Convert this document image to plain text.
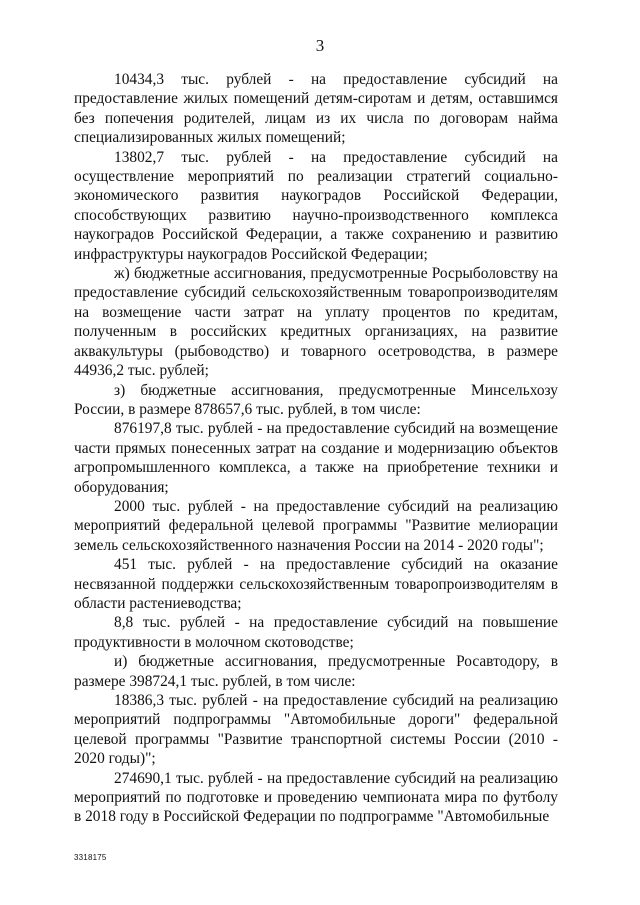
3

10434,3 тыс. рублей - на предоставление субсидий на предоставление жилых помещений детям-сиротам и детям, оставшимся без попечения родителей, лицам из их числа по договорам найма специализированных жилых помещений;

13802,7 тыс. рублей - на предоставление субсидий на осуществление мероприятий по реализации стратегий социально-экономического развития наукоградов Российской Федерации, способствующих развитию научно-производственного комплекса наукоградов Российской Федерации, а также сохранению и развитию инфраструктуры наукоградов Российской Федерации;

ж) бюджетные ассигнования, предусмотренные Росрыболовству на предоставление субсидий сельскохозяйственным товаропроизводителям на возмещение части затрат на уплату процентов по кредитам, полученным в российских кредитных организациях, на развитие аквакультуры (рыбоводство) и товарного осетроводства, в размере 44936,2 тыс. рублей;

з) бюджетные ассигнования, предусмотренные Минсельхозу России, в размере 878657,6 тыс. рублей, в том числе:

876197,8 тыс. рублей - на предоставление субсидий на возмещение части прямых понесенных затрат на создание и модернизацию объектов агропромышленного комплекса, а также на приобретение техники и оборудования;

2000 тыс. рублей - на предоставление субсидий на реализацию мероприятий федеральной целевой программы "Развитие мелиорации земель сельскохозяйственного назначения России на 2014 - 2020 годы";

451 тыс. рублей - на предоставление субсидий на оказание несвязанной поддержки сельскохозяйственным товаропроизводителям в области растениеводства;

8,8 тыс. рублей - на предоставление субсидий на повышение продуктивности в молочном скотоводстве;

и) бюджетные ассигнования, предусмотренные Росавтодору, в размере 398724,1 тыс. рублей, в том числе:

18386,3 тыс. рублей - на предоставление субсидий на реализацию мероприятий подпрограммы "Автомобильные дороги" федеральной целевой программы "Развитие транспортной системы России (2010 - 2020 годы)";

274690,1 тыс. рублей - на предоставление субсидий на реализацию мероприятий по подготовке и проведению чемпионата мира по футболу в 2018 году в Российской Федерации по подпрограмме "Автомобильные

3318175
